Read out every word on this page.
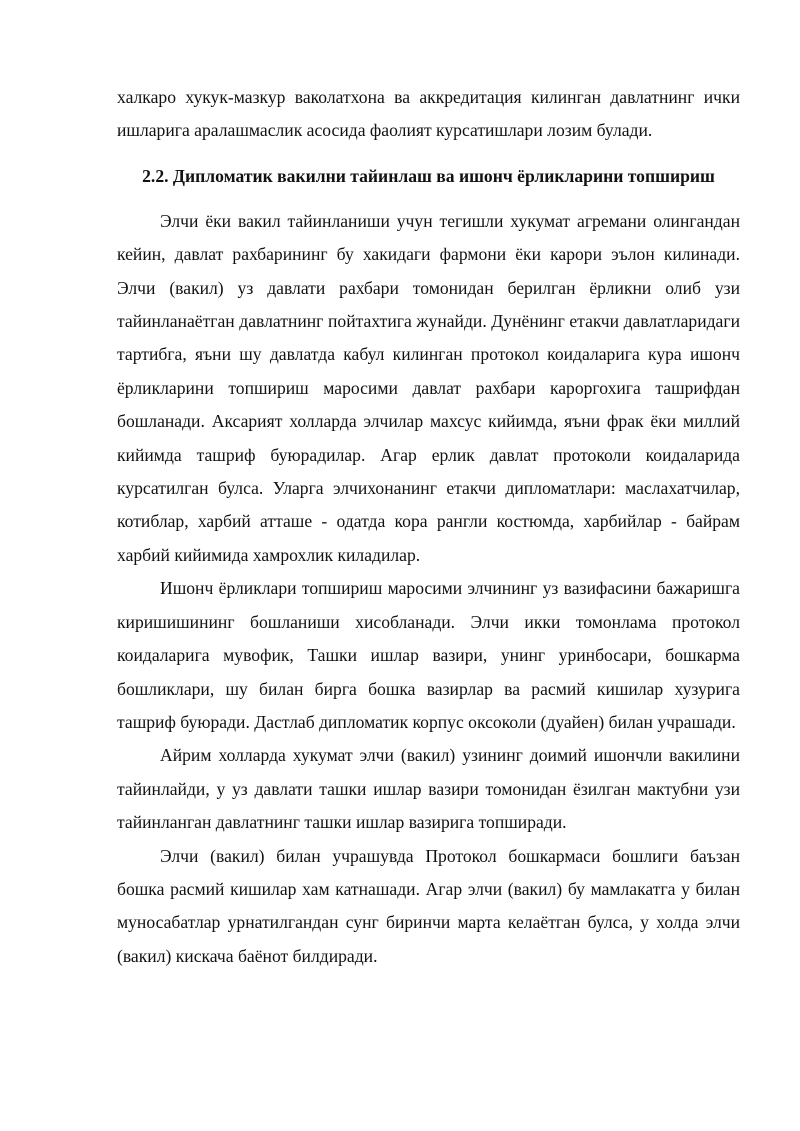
халкаро хукук-мазкур ваколатхона ва аккредитация килинган давлатнинг ички ишларига аралашмаслик асосида фаолият курсатишлари лозим булади.

2.2. Дипломатик вакилни тайинлаш ва ишонч ёрликларини топшириш

Элчи ёки вакил тайинланиши учун тегишли хукумат агремани олингандан кейин, давлат рахбарининг бу хакидаги фармони ёки карори эълон килинади. Элчи (вакил) уз давлати рахбари томонидан берилган ёрликни олиб узи тайинланаётган давлатнинг пойтахтига жунайди. Дунёнинг етакчи давлатларидаги тартибга, яъни шу давлатда кабул килинган протокол коидаларига кура ишонч ёрликларини топшириш маросими давлат рахбари кароргохига ташрифдан бошланади. Аксарият холларда элчилар махсус кийимда, яъни фрак ёки миллий кийимда ташриф буюрадилар. Агар ерлик давлат протоколи коидаларида курсатилган булса. Уларга элчихонанинг етакчи дипломатлари: маслахатчилар, котиблар, харбий атташе - одатда кора рангли костюмда, харбийлар - байрам харбий кийимида хамрохлик киладилар.

Ишонч ёрликлари топшириш маросими элчининг уз вазифасини бажаришга киришишининг бошланиши хисобланади. Элчи икки томонлама протокол коидаларига мувофик, Ташки ишлар вазири, унинг уринбосари, бошкарма бошликлари, шу билан бирга бошка вазирлар ва расмий кишилар хузурига ташриф буюради. Дастлаб дипломатик корпус оксоколи (дуайен) билан учрашади.

Айрим холларда хукумат элчи (вакил) узининг доимий ишончли вакилини тайинлайди, у уз давлати ташки ишлар вазири томонидан ёзилган мактубни узи тайинланган давлатнинг ташки ишлар вазирига топширади.

Элчи (вакил) билан учрашувда Протокол бошкармаси бошлиги баъзан бошка расмий кишилар хам катнашади. Агар элчи (вакил) бу мамлакатга у билан муносабатлар урнатилгандан сунг биринчи марта келаётган булса, у холда элчи (вакил) кискача баёнот билдиради.
